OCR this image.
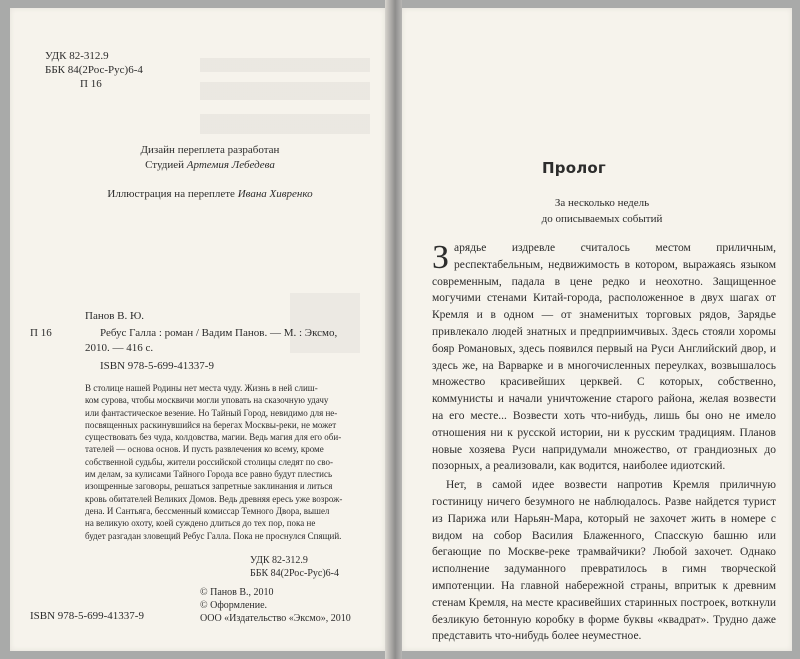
УДК 82-312.9
ББК 84(2Рос-Рус)6-4
П 16
Дизайн переплета разработан
Студией Артемия Лебедева
Иллюстрация на переплете Ивана Хивренко
Панов В. Ю.
П 16	Ребус Галла : роман / Вадим Панов. — М. : Эксмо,
2010. — 416 с.
ISBN 978-5-699-41337-9
В столице нашей Родины нет места чуду. Жизнь в ней слиш-
ком сурова, чтобы москвичи могли уповать на сказочную удачу
или фантастическое везение. Но Тайный Город, невидимо для не-
посвященных раскинувшийся на берегах Москвы-реки, не может
существовать без чуда, колдовства, магии. Ведь магия для его оби-
тателей — основа основ. И пусть развлечения ко всему, кроме
собственной судьбы, жители российской столицы следят по сво-
им делам, за кулисами Тайного Города все равно будут плестись
изощренные заговоры, решаться запретные заклинания и литься
кровь обитателей Великих Домов. Ведь древняя ересь уже возрож-
дена. И Сантьяга, бессменный комиссар Темного Двора, вышел
на великую охоту, коей суждено длиться до тех пор, пока не
будет разгадан зловещий Ребус Галла. Пока не проснулся Спящий.
УДК 82-312.9
ББК 84(2Рос-Рус)6-4
© Панов В., 2010
© Оформление.
ООО «Издательство «Эксмо», 2010
ISBN 978-5-699-41337-9
Пролог
За несколько недель
до описываемых событий

Зарядье издревле считалось местом приличным, респектабельным, недвижимость в котором, выражаясь языком современным, падала в цене редко и неохотно. Защищенное могучими стенами Китай-города, расположенное в двух шагах от Кремля и в одном — от знаменитых торговых рядов, Зарядье привлекало людей знатных и предприимчивых. Здесь стояли хоромы бояр Романовых, здесь появился первый на Руси Английский двор, и здесь же, на Варварке и в многочисленных переулках, возвышалось множество красивейших церквей. С которых, собственно, коммунисты и начали уничтожение старого района, желая возвести на его месте... Возвести хоть что-нибудь, лишь бы оно не имело отношения ни к русской истории, ни к русским традициям. Планов новые хозяева Руси напридумали множество, от грандиозных до позорных, а реализовали, как водится, наиболее идиотский.

Нет, в самой идее возвести напротив Кремля приличную гостиницу ничего безумного не наблюдалось. Разве найдется турист из Парижа или Нарьян-Мара, который не захочет жить в номере с видом на собор Василия Блаженного, Спасскую башню или бегающие по Москве-реке трамвайчики? Любой захочет. Однако исполнение задуманного превратилось в гимн творческой импотенции. На главной набережной страны, впритык к древним стенам Кремля, на месте красивейших старинных построек, воткнули безликую бетонную коробку в форме буквы «квадрат». Трудно даже представить что-нибудь более неуместное.
